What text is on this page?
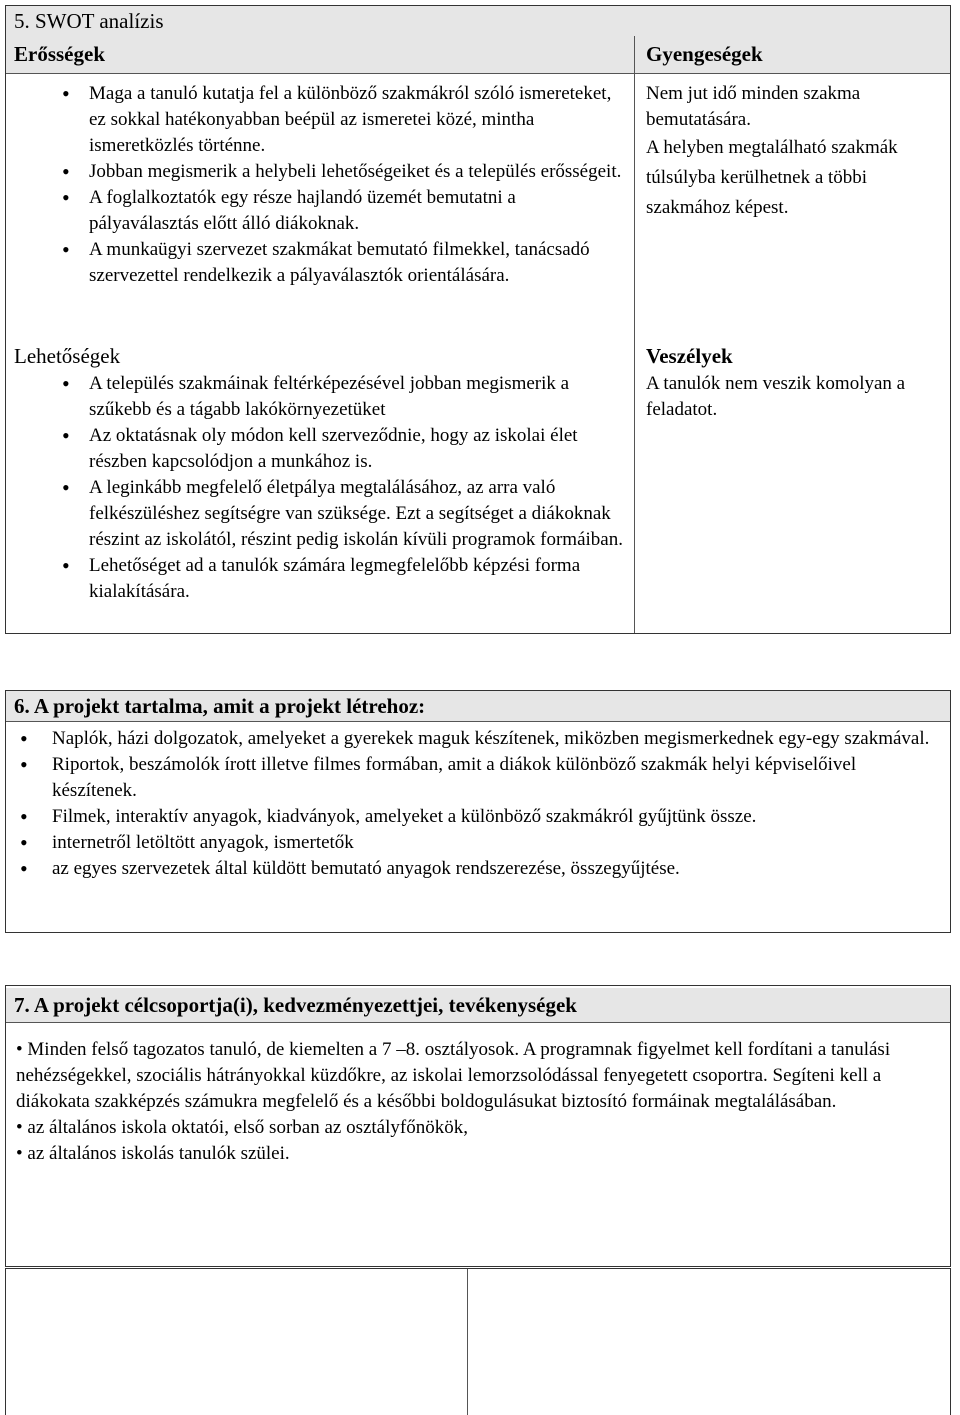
5. SWOT analízis
Erősségek
• Maga a tanuló kutatja fel a különböző szakmákról szóló ismereteket, ez sokkal hatékonyabban beépül az ismeretei közé, mintha ismeretközlés történne.
• Jobban megismerik a helybeli lehetőségeiket és a település erősségeit.
• A foglalkoztatók egy része hajlandó üzemét bemutatni a pályaválasztás előtt álló diákoknak.
• A munkaügyi szervezet szakmákat bemutató filmekkel, tanácsadó szervezettel rendelkezik a pályaválasztók orientálására.
Gyengeségek

Nem jut idő minden szakma bemutatására.

A helyben megtalálható szakmák túlsúlyba kerülhetnek a többi szakmához képest.

Lehetőségek
• A település szakmáinak feltérképezésével jobban megismerik a szűkebb és a tágabb lakókörnyezetüket
• Az oktatásnak oly módon kell szerveződnie, hogy az iskolai élet részben kapcsolódjon a munkához is.
• A leginkább megfelelő életpálya megtalálásához, az arra való felkészüléshez segítségre van szüksége. Ezt a segítséget a diákoknak részint az iskolától, részint pedig iskolán kívüli programok formáiban.
• Lehetőséget ad a tanulók számára legmegfelelőbb képzési forma kialakítására.
Veszélyek

A tanulók nem veszik komolyan a feladatot.

6. A projekt tartalma, amit a projekt létrehoz:
• Naplók, házi dolgozatok, amelyeket a gyerekek maguk készítenek, miközben megismerkednek egy-egy szakmával.
• Riportok, beszámolók írott illetve filmes formában, amit a diákok különböző szakmák helyi képviselőivel készítenek.
• Filmek, interaktív anyagok, kiadványok, amelyeket a különböző szakmákról gyűjtünk össze.
• internetről letöltött anyagok, ismertetők
• az egyes szervezetek által küldött bemutató anyagok rendszerezése, összegyűjtése.
7. A projekt célcsoportja(i), kedvezményezettjei, tevékenységek

• Minden felső tagozatos tanuló, de kiemelten a 7 –8. osztályosok. A programnak figyelmet kell fordítani a tanulási nehézségekkel, szociális hátrányokkal küzdőkre, az iskolai lemorzsolódással fenyegetett csoportra. Segíteni kell a diákokata szakképzés számukra megfelelő és a későbbi boldogulásukat biztosító formáinak megtalálásában.

• az általános iskola oktatói, első sorban az osztályfőnökök,

• az általános iskolás tanulók szülei.
